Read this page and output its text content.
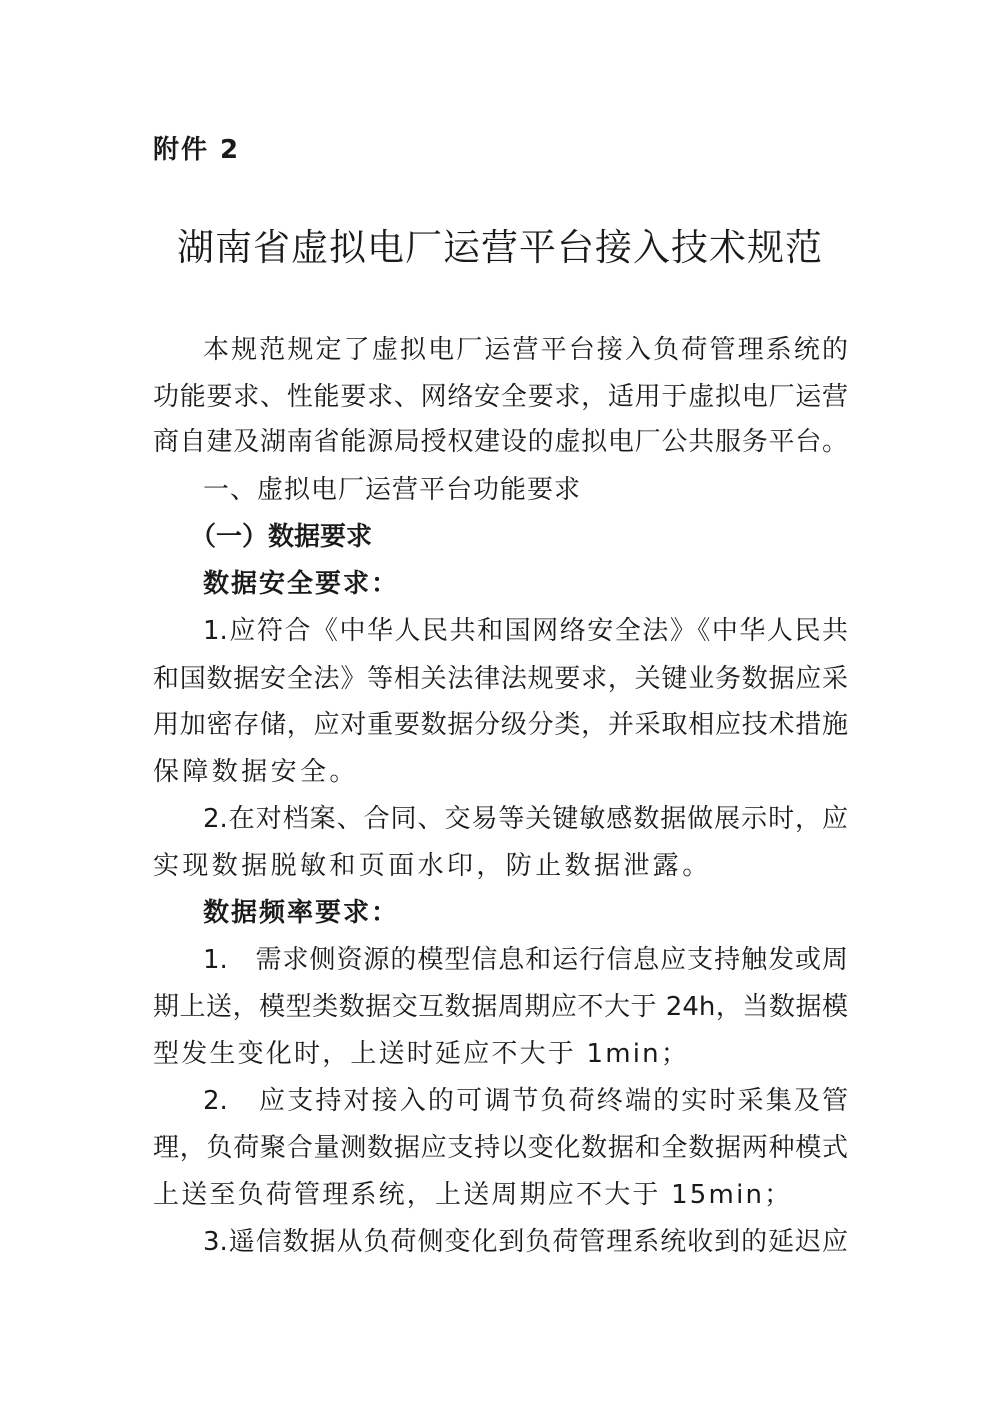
附件 2
湖南省虚拟电厂运营平台接入技术规范
本规范规定了虚拟电厂运营平台接入负荷管理系统的
功能要求、性能要求、网络安全要求，适用于虚拟电厂运营
商自建及湖南省能源局授权建设的虚拟电厂公共服务平台。
一、虚拟电厂运营平台功能要求
（一）数据要求
数据安全要求：
1.应符合《中华人民共和国网络安全法》《中华人民共
和国数据安全法》等相关法律法规要求，关键业务数据应采
用加密存储，应对重要数据分级分类，并采取相应技术措施
保障数据安全。
2.在对档案、合同、交易等关键敏感数据做展示时，应
实现数据脱敏和页面水印，防止数据泄露。
数据频率要求：
1.   需求侧资源的模型信息和运行信息应支持触发或周
期上送，模型类数据交互数据周期应不大于 24h，当数据模
型发生变化时，上送时延应不大于 1min；
2.   应支持对接入的可调节负荷终端的实时采集及管
理，负荷聚合量测数据应支持以变化数据和全数据两种模式
上送至负荷管理系统，上送周期应不大于 15min；
3.遥信数据从负荷侧变化到负荷管理系统收到的延迟应
